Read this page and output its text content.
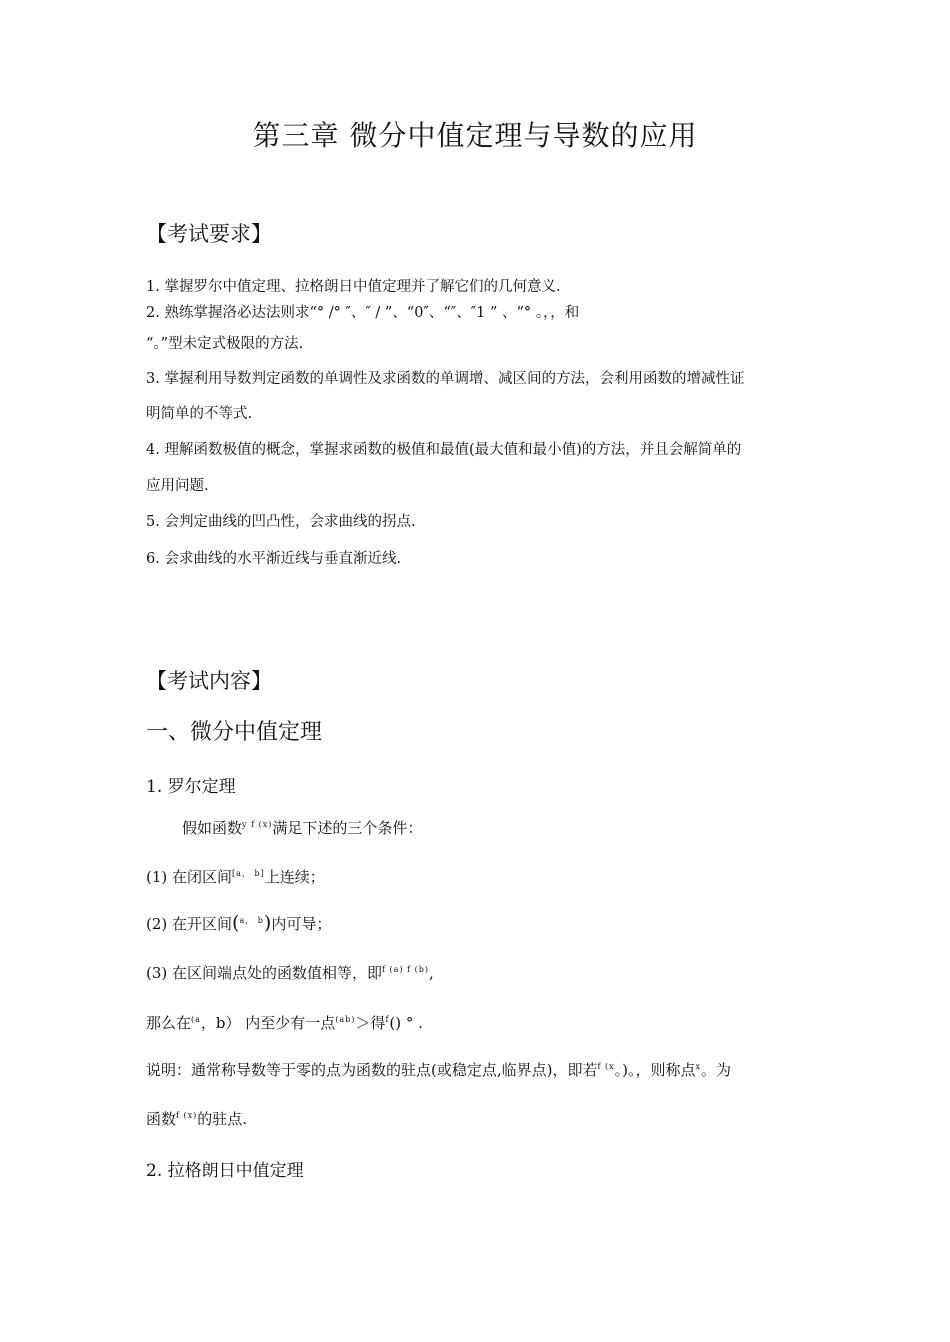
第三章 微分中值定理与导数的应用
【考试要求】
1. 掌握罗尔中值定理、拉格朗日中值定理并了解它们的几何意义.
2. 熟练掌握洛必达法则求“° /° ″、″ / ”、“0″、“″、″1 ” 、“° 。，，和
“。”型未定式极限的方法.
3. 掌握利用导数判定函数的单调性及求函数的单调增、减区间的方法，会利用函数的增减性证
明简单的不等式.
4. 理解函数极值的概念，掌握求函数的极值和最值(最大值和最小值)的方法，并且会解简单的
应用问题.
5. 会判定曲线的凹凸性，会求曲线的拐点.
6. 会求曲线的水平渐近线与垂直渐近线.
【考试内容】
一、微分中值定理
1. 罗尔定理
假如函数$^{y f (x)}$满足下述的三个条件：
(1) 在闭区间$^{[a,}$ $^{b]}$上连续；
(2) 在开区间($^{a,}$ $^b$)内可导；
(3) 在区间端点处的函数值相等，即$^{f (a) f (b)}$,
那么在$^{(a}$，b） 内至少有一点$^{(ab)}$＞得$^f$() ° .
说明：通常称导数等于零的点为函数的驻点(或稳定点,临界点)，即若$^{f (x}$。)。，则称点$^x$。为
函数$^{f (x)}$的驻点.
2. 拉格朗日中值定理
